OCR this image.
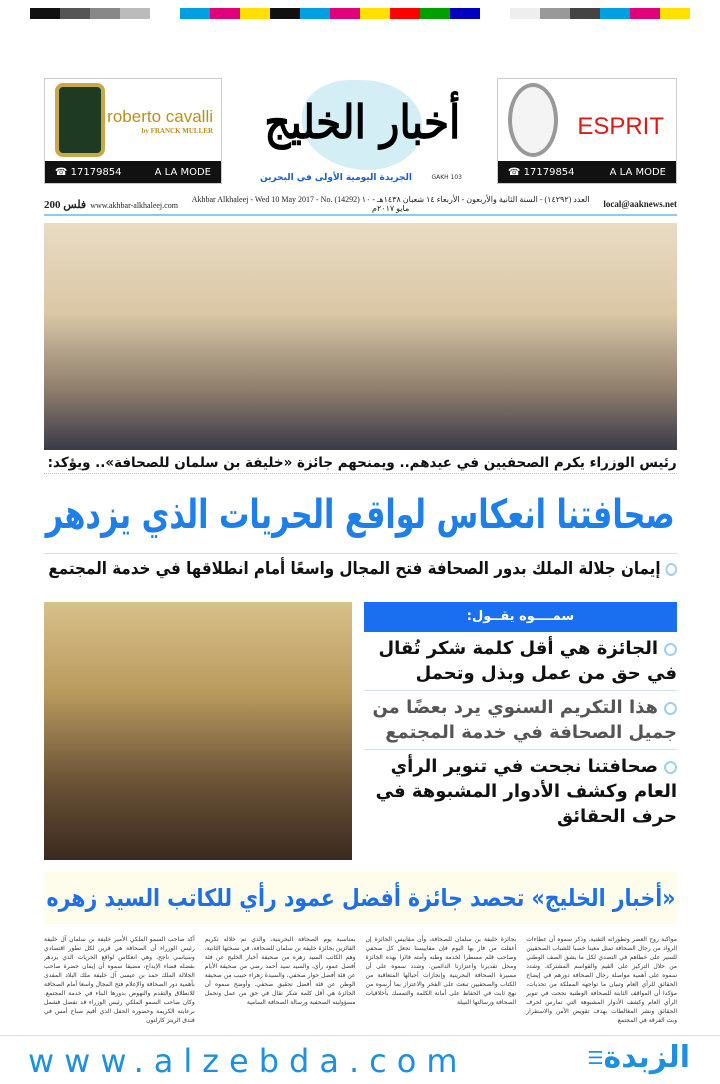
roberto cavalli
by FRANCK MULLER
☎ 17179854	A LA MODE
أخبار الخليج
الجريدة اليومية الأولى في البحرين	GAKH 103
ESPRIT
☎ 17179854	A LA MODE
200 فلس www.akhbar-alkhaleej.com
Akhbar Alkhaleej - Wed 10 May 2017 - No. (14292) العدد (١٤٢٩٢) - السنة الثانية والأربعون - الأربعاء ١٤ شعبان ١٤٣٨هـ - ١٠ مايو ٢٠١٧م	local@aaknews.net
رئيس الوزراء يكرم الصحفيين في عيدهم.. ويمنحهم جائزة «خليفة بن سلمان للصحافة».. ويؤكد:
صحافتنا انعكاس لواقع الحريات الذي يزدهر
إيمان جلالة الملك بدور الصحافة فتح المجال واسعًا أمام انطلاقها في خدمة المجتمع
سمــــوه يقــول:
الجائزة هي أقل كلمة شكر تُقال في حق من عمل وبذل وتحمل
هذا التكريم السنوي يرد بعضًا من جميل الصحافة في خدمة المجتمع
صحافتنا نجحت في تنوير الرأي العام وكشف الأدوار المشبوهة في حرف الحقائق
«أخبار الخليج» تحصد جائزة أفضل عمود رأي للكاتب السيد زهره

أكد صاحب السمو الملكي الأمير خليفة بن سلمان آل خليفة رئيس الوزراء أن الصحافة هي قرين لكل تطور اقتصادي وسياسي ناجح، وهي انعكاس لواقع الحريات الذي يزدهر بفضله فضاء الإبداع، مضيفا سموه أن إيمان حضرة صاحب الجلالة الملك حمد بن عيسى آل خليفة ملك البلاد المفدى بأهمية دور الصحافة والإعلام فتح المجال واسعا أمام الصحافة للانطلاق والتقدم والنهوض بدورها البناء في خدمة المجتمع. وكان صاحب السمو الملكي رئيس الوزراء قد تفضل فشمل برعايته الكريمة وحضوره الحفل الذي أقيم صباح أمس في فندق الريتز كارلتون

بمناسبة يوم الصحافة البحرينية، والذي تم خلاله تكريم الفائزين بجائزة خليفة بن سلمان للصحافة، في نسختها الثانية، وهم الكاتب السيد زهره من صحيفة أخبار الخليج عن فئة أفضل عمود رأي، والسيد سيد أحمد رضي من صحيفة الأيام عن فئة أفضل حوار صحفي، والسيدة زهراء حبيب من صحيفة الوطن عن فئة أفضل تحقيق صحفي. وأوضح سموه أن الجائزة هي أقل كلمة شكر تقال في حق من عمل وتحمل مسؤوليته الصحفية ورسالة الصحافة السامية

بجائزة خليفة بن سلمان للصحافة، وأن مقاييس الجائزة إن أغفلت من فاز بها اليوم فإن مقاييسنا تجعل كل صحفي وصاحب قلم مسطرا لخدمة وطنه وأمته فائزا بهذه الجائزة ومحل تقديرنا واعتزازنا الدائمين. وشدد سموه على أن مسيرة الصحافة البحرينية وإنجازات أجيالها المتعاقبة من الكتاب والصحفيين تبعث على الفخر والاعتزاز بما أرسوه من نهج ثابت في الحفاظ على أمانة الكلمة والتمسك بأخلاقيات الصحافة ورسالتها النبيلة

مواكبة روح العصر وتطوراته التقنية. وذكر سموه أن عطاءات الرواد من رجال الصحافة تمثل معينا خصبا للشباب الصحفيين للسير على خطاهم في التصدي لكل ما يشق الصف الوطني من خلال التركيز على القيم والقواسم المشتركة. وشدد سموه على أهمية مواصلة رجال الصحافة دورهم في إيضاح الحقائق للرأي العام وتبيان ما تواجهه المملكة من تحديات، مؤكدا أن المواقف الثابتة للصحافة الوطنية نجحت في تنوير الرأي العام وكشف الأدوار المشبوهة التي تمارس لحرف الحقائق ونشر المغالطات بهدف تقويض الأمن والاستقرار وبث الفرقة في المجتمع

www.alzebda.com	☰الزبدة
